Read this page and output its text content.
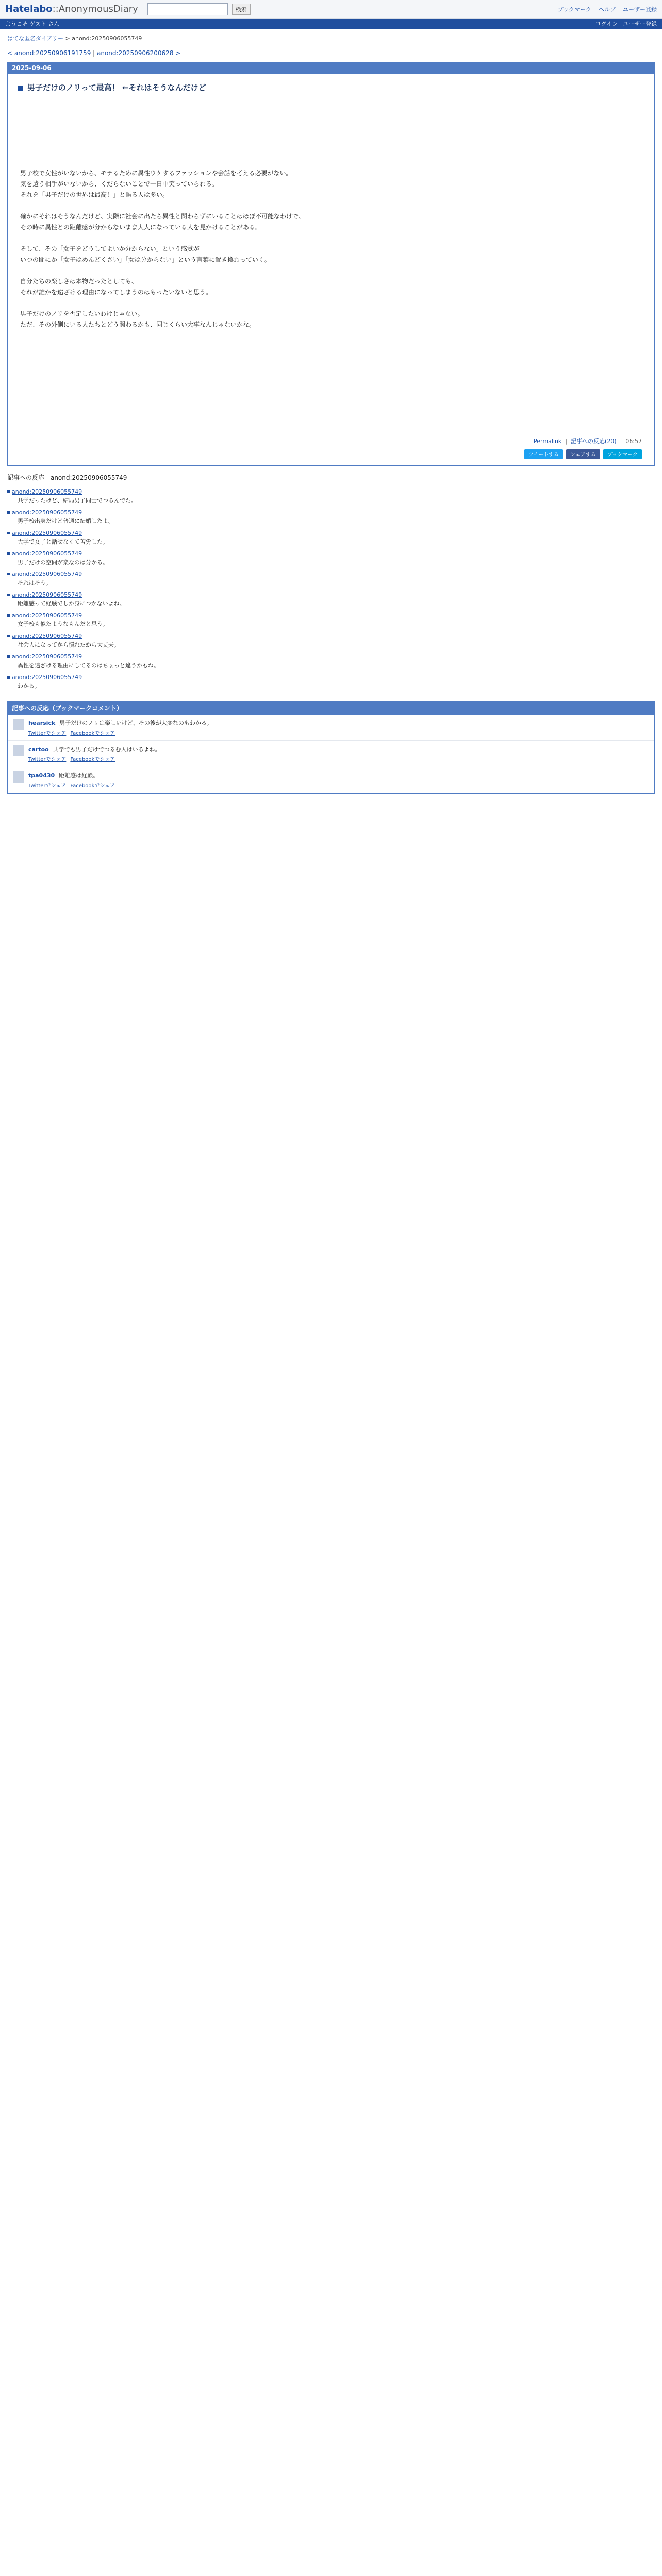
Hatelabo::AnonymousDiary	検索	ブックマーク ヘルプ ユーザー登録
ようこそ ゲスト さん	ログイン ユーザー登録
はてな匿名ダイアリー > anond:20250906055749
< anond:20250906191759 | anond:20250906200628 >
2025-09-06
男子だけのノリって最高！ ←それはそうなんだけど

男子校で女性がいないから、モテるために異性ウケするファッションや会話を考える必要がない。

気を遣う相手がいないから、くだらないことで一日中笑っていられる。

それを「男子だけの世界は最高！」と語る人は多い。

確かにそれはそうなんだけど、実際に社会に出たら異性と関わらずにいることはほぼ不可能なわけで、

その時に異性との距離感が分からないまま大人になっている人を見かけることがある。

そして、その「女子をどうしてよいか分からない」という感覚が

いつの間にか「女子はめんどくさい」「女は分からない」という言葉に置き換わっていく。

自分たちの楽しさは本物だったとしても、

それが誰かを遠ざける理由になってしまうのはもったいないと思う。

男子だけのノリを否定したいわけじゃない。

ただ、その外側にいる人たちとどう関わるかも、同じくらい大事なんじゃないかな。

Permalink  |  記事への反応(20)  |  06:57
ツイートする	シェアする	ブックマーク
記事への反応 - anond:20250906055749
anond:20250906055749
共学だったけど、結局男子同士でつるんでた。
anond:20250906055749
男子校出身だけど普通に結婚したよ。
anond:20250906055749
大学で女子と話せなくて苦労した。
anond:20250906055749
男子だけの空間が楽なのは分かる。
anond:20250906055749
それはそう。
anond:20250906055749
距離感って経験でしか身につかないよね。
anond:20250906055749
女子校も似たようなもんだと思う。
anond:20250906055749
社会人になってから慣れたから大丈夫。
anond:20250906055749
異性を遠ざける理由にしてるのはちょっと違うかもね。
anond:20250906055749
わかる。
記事への反応（ブックマークコメント）
hearsick 男子だけのノリは楽しいけど、その後が大変なのもわかる。
Twitterでシェア Facebookでシェア
cartoo 共学でも男子だけでつるむ人はいるよね。
Twitterでシェア Facebookでシェア
tpa0430 距離感は経験。
Twitterでシェア Facebookでシェア
